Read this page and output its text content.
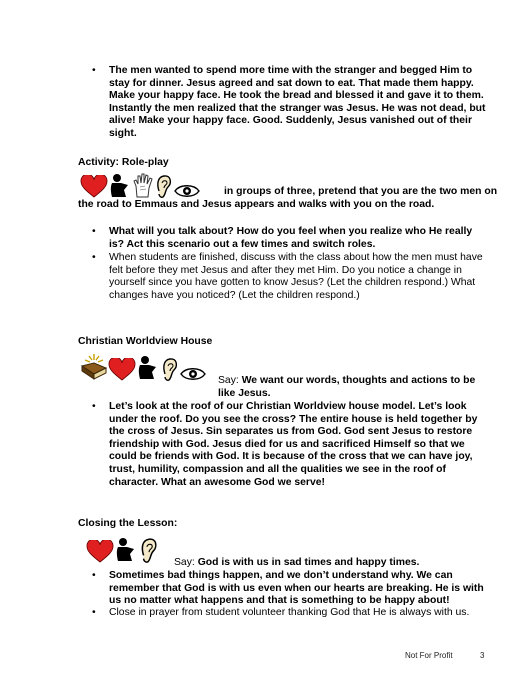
• The men wanted to spend more time with the stranger and begged Him to stay for dinner. Jesus agreed and sat down to eat. That made them happy. Make your happy face. He took the bread and blessed it and gave it to them. Instantly the men realized that the stranger was Jesus. He was not dead, but alive! Make your happy face. Good. Suddenly, Jesus vanished out of their sight.
Activity: Role-play
in groups of three, pretend that you are the two men on the road to Emmaus and Jesus appears and walks with you on the road.
• What will you talk about? How do you feel when you realize who He really is? Act this scenario out a few times and switch roles.
• When students are finished, discuss with the class about how the men must have felt before they met Jesus and after they met Him. Do you notice a change in yourself since you have gotten to know Jesus? (Let the children respond.) What changes have you noticed? (Let the children respond.)
Christian Worldview House
Say: We want our words, thoughts and actions to be like Jesus.
• Let’s look at the roof of our Christian Worldview house model. Let’s look under the roof. Do you see the cross? The entire house is held together by the cross of Jesus. Sin separates us from God. God sent Jesus to restore friendship with God. Jesus died for us and sacrificed Himself so that we could be friends with God. It is because of the cross that we can have joy, trust, humility, compassion and all the qualities we see in the roof of character. What an awesome God we serve!
Closing the Lesson:
Say: God is with us in sad times and happy times.
• Sometimes bad things happen, and we don’t understand why. We can remember that God is with us even when our hearts are breaking. He is with us no matter what happens and that is something to be happy about!
• Close in prayer from student volunteer thanking God that He is always with us.
Not For Profit	3
